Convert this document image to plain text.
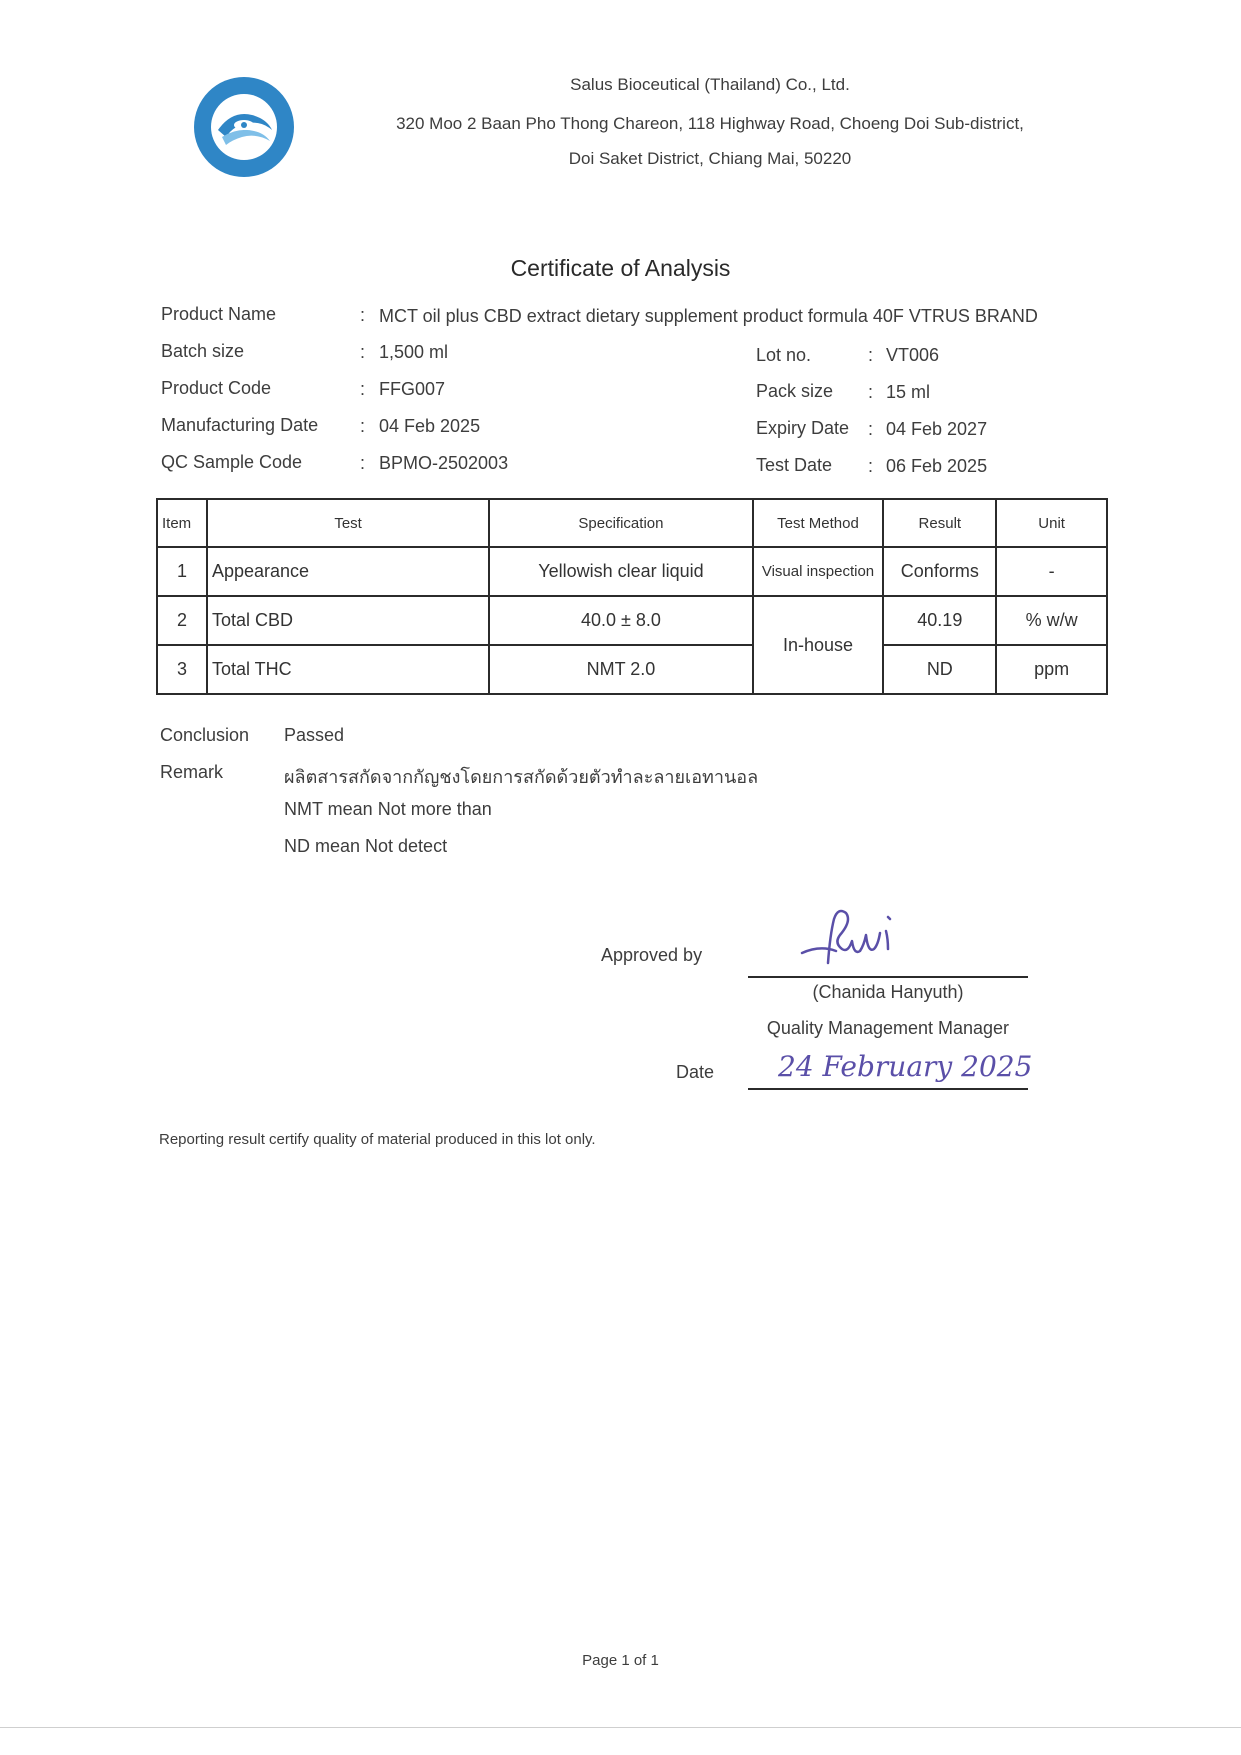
Salus Bioceutical (Thailand) Co., Ltd.
320 Moo 2 Baan Pho Thong Chareon, 118 Highway Road, Choeng Doi Sub-district,
Doi Saket District, Chiang Mai, 50220
Certificate of Analysis
Product Name	: MCT oil plus CBD extract dietary supplement product formula 40F VTRUS BRAND
Batch size	: 1,500 ml
Product Code	: FFG007
Manufacturing Date : 04 Feb 2025
QC Sample Code	: BPMO-2502003
Lot no.	: VT006
Pack size : 15 ml
Expiry Date : 04 Feb 2027
Test Date : 06 Feb 2025
Item	Test	Specification	Test Method	Result	Unit
1	Appearance	Yellowish clear liquid	Visual inspection	Conforms	-
2	Total CBD	40.0 ± 8.0	In-house	40.19	% w/w
3	Total THC	NMT 2.0		ND	ppm
Conclusion Passed
Remark	ผลิตสารสกัดจากกัญชงโดยการสกัดด้วยตัวทำละลายเอทานอล
NMT mean Not more than
ND mean Not detect
Approved by
(Chanida Hanyuth)
Quality Management Manager
Date 24 February 2025
Reporting result certify quality of material produced in this lot only.
Page 1 of 1
